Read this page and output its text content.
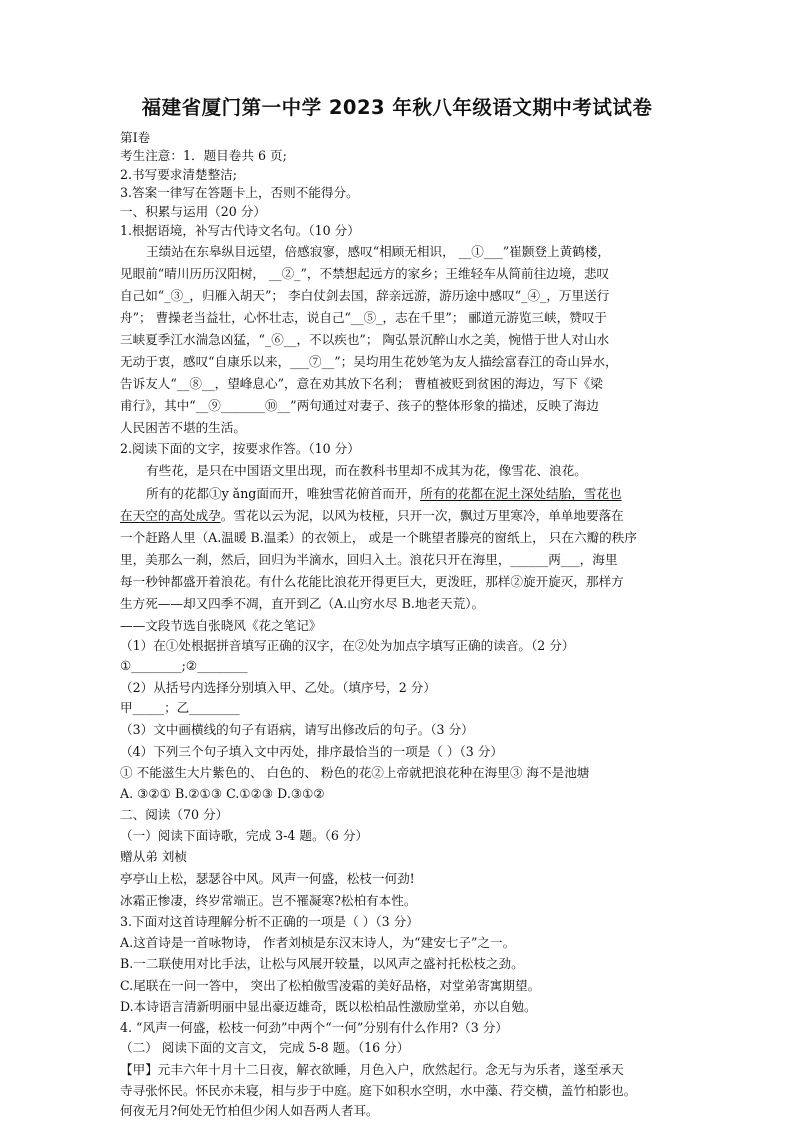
福建省厦门第一中学 2023 年秋八年级语文期中考试试卷
第Ⅰ卷
考生注意：1．题目卷共 6 页;
2.书写要求清楚整洁;
3.答案一律写在答题卡上，否则不能得分。
一、积累与运用（20 分）
1.根据语境，补写古代诗文名句。（10 分）
王绩站在东皋纵目远望，倍感寂寥，感叹“相顾无相识， __①___”崔颢登上黄鹤楼，
见眼前“晴川历历汉阳树， __②_”，不禁想起远方的家乡；王维轻车从简前往边境，悲叹
自己如“_③_，归雁入胡天”； 李白仗剑去国，辞亲远游，游历途中感叹“_④_，万里送行
舟”； 曹操老当益壮，心怀壮志，说自己“__⑤_，志在千里”； 郦道元游览三峡，赞叹于
三峡夏季江水湍急凶猛，“_⑥__，不以疾也”； 陶弘景沉醉山水之美，惋惜于世人对山水
无动于衷，感叹“自康乐以来，___⑦__”；吴均用生花妙笔为友人描绘富春江的奇山异水，
告诉友人“__⑧__，望峰息心”，意在劝其放下名利； 曹植被贬到贫困的海边，写下《梁
甫行》，其中“__⑨_______⑩__”两句通过对妻子、孩子的整体形象的描述，反映了海边
人民困苦不堪的生活。
2.阅读下面的文字，按要求作答。（10 分）
有些花，是只在中国语文里出现，而在教科书里却不成其为花，像雪花、浪花。
所有的花都①y ǎng面而开，唯独雪花俯首而开，所有的花都在泥土深处结胎，雪花也
在天空的高处成孕。雪花以云为泥，以风为枝桠，只开一次，飘过万里寒冷，单单地要落在
一个赶路人里（A.温暖 B.温柔）的衣领上， 或是一个眺望者滕亮的窗纸上， 只在六瓣的秩序
里，美那么一刹，然后，回归为半滴水，回归入土。浪花只开在海里，______两___，海里
每一秒钟都盛开着浪花。有什么花能比浪花开得更巨大，更泼旺，那样②旋开旋灭，那样方
生方死——却又四季不凋，直开到乙（A.山穷水尽 B.地老天荒）。
——文段节选自张晓风《花之笔记》
（1）在①处根据拼音填写正确的汉字，在②处为加点字填写正确的读音。（2 分）
①________;②________
（2）从括号内选择分别填入甲、乙处。（填序号，2 分）
甲_____；乙________
（3）文中画横线的句子有语病，请写出修改后的句子。（3 分）
（4）下列三个句子填入文中丙处，排序最恰当的一项是（ ）（3 分）
① 不能滋生大片紫色的、 白色的、 粉色的花②上帝就把浪花种在海里③ 海不是池塘
A. ③②① B.②①③ C.①②③ D.③①②
二、阅读（70 分）
（一）阅读下面诗歌，完成 3-4 题。（6 分）
赠从弟 刘桢
亭亭山上松，瑟瑟谷中风。风声一何盛，松枝一何劲!
冰霜正惨凄，终岁常端正。岂不罹凝寒?松柏有本性。
3.下面对这首诗理解分析不正确的一项是（ ）（3 分）
A.这首诗是一首咏物诗， 作者刘桢是东汉末诗人，为“建安七子”之一。
B.一二联使用对比手法，让松与风展开较量，以风声之盛衬托松枝之劲。
C.尾联在一问一答中， 突出了松柏傲雪凌霜的美好品格，对堂弟寄寓期望。
D.本诗语言清新明丽中显出豪迈雄奇，既以松柏品性激励堂弟，亦以自勉。
4. “风声一何盛，松枝一何劲”中两个“一何”分别有什么作用?（3 分）
（二） 阅读下面的文言文， 完成 5-8 题。（16 分）
【甲】元丰六年十月十二日夜，解衣欲睡，月色入户，欣然起行。念无与为乐者，遂至承天
寺寻张怀民。怀民亦未寝，相与步于中庭。庭下如积水空明，水中藻、荇交横，盖竹柏影也。
何夜无月?何处无竹柏但少闲人如吾两人者耳。
